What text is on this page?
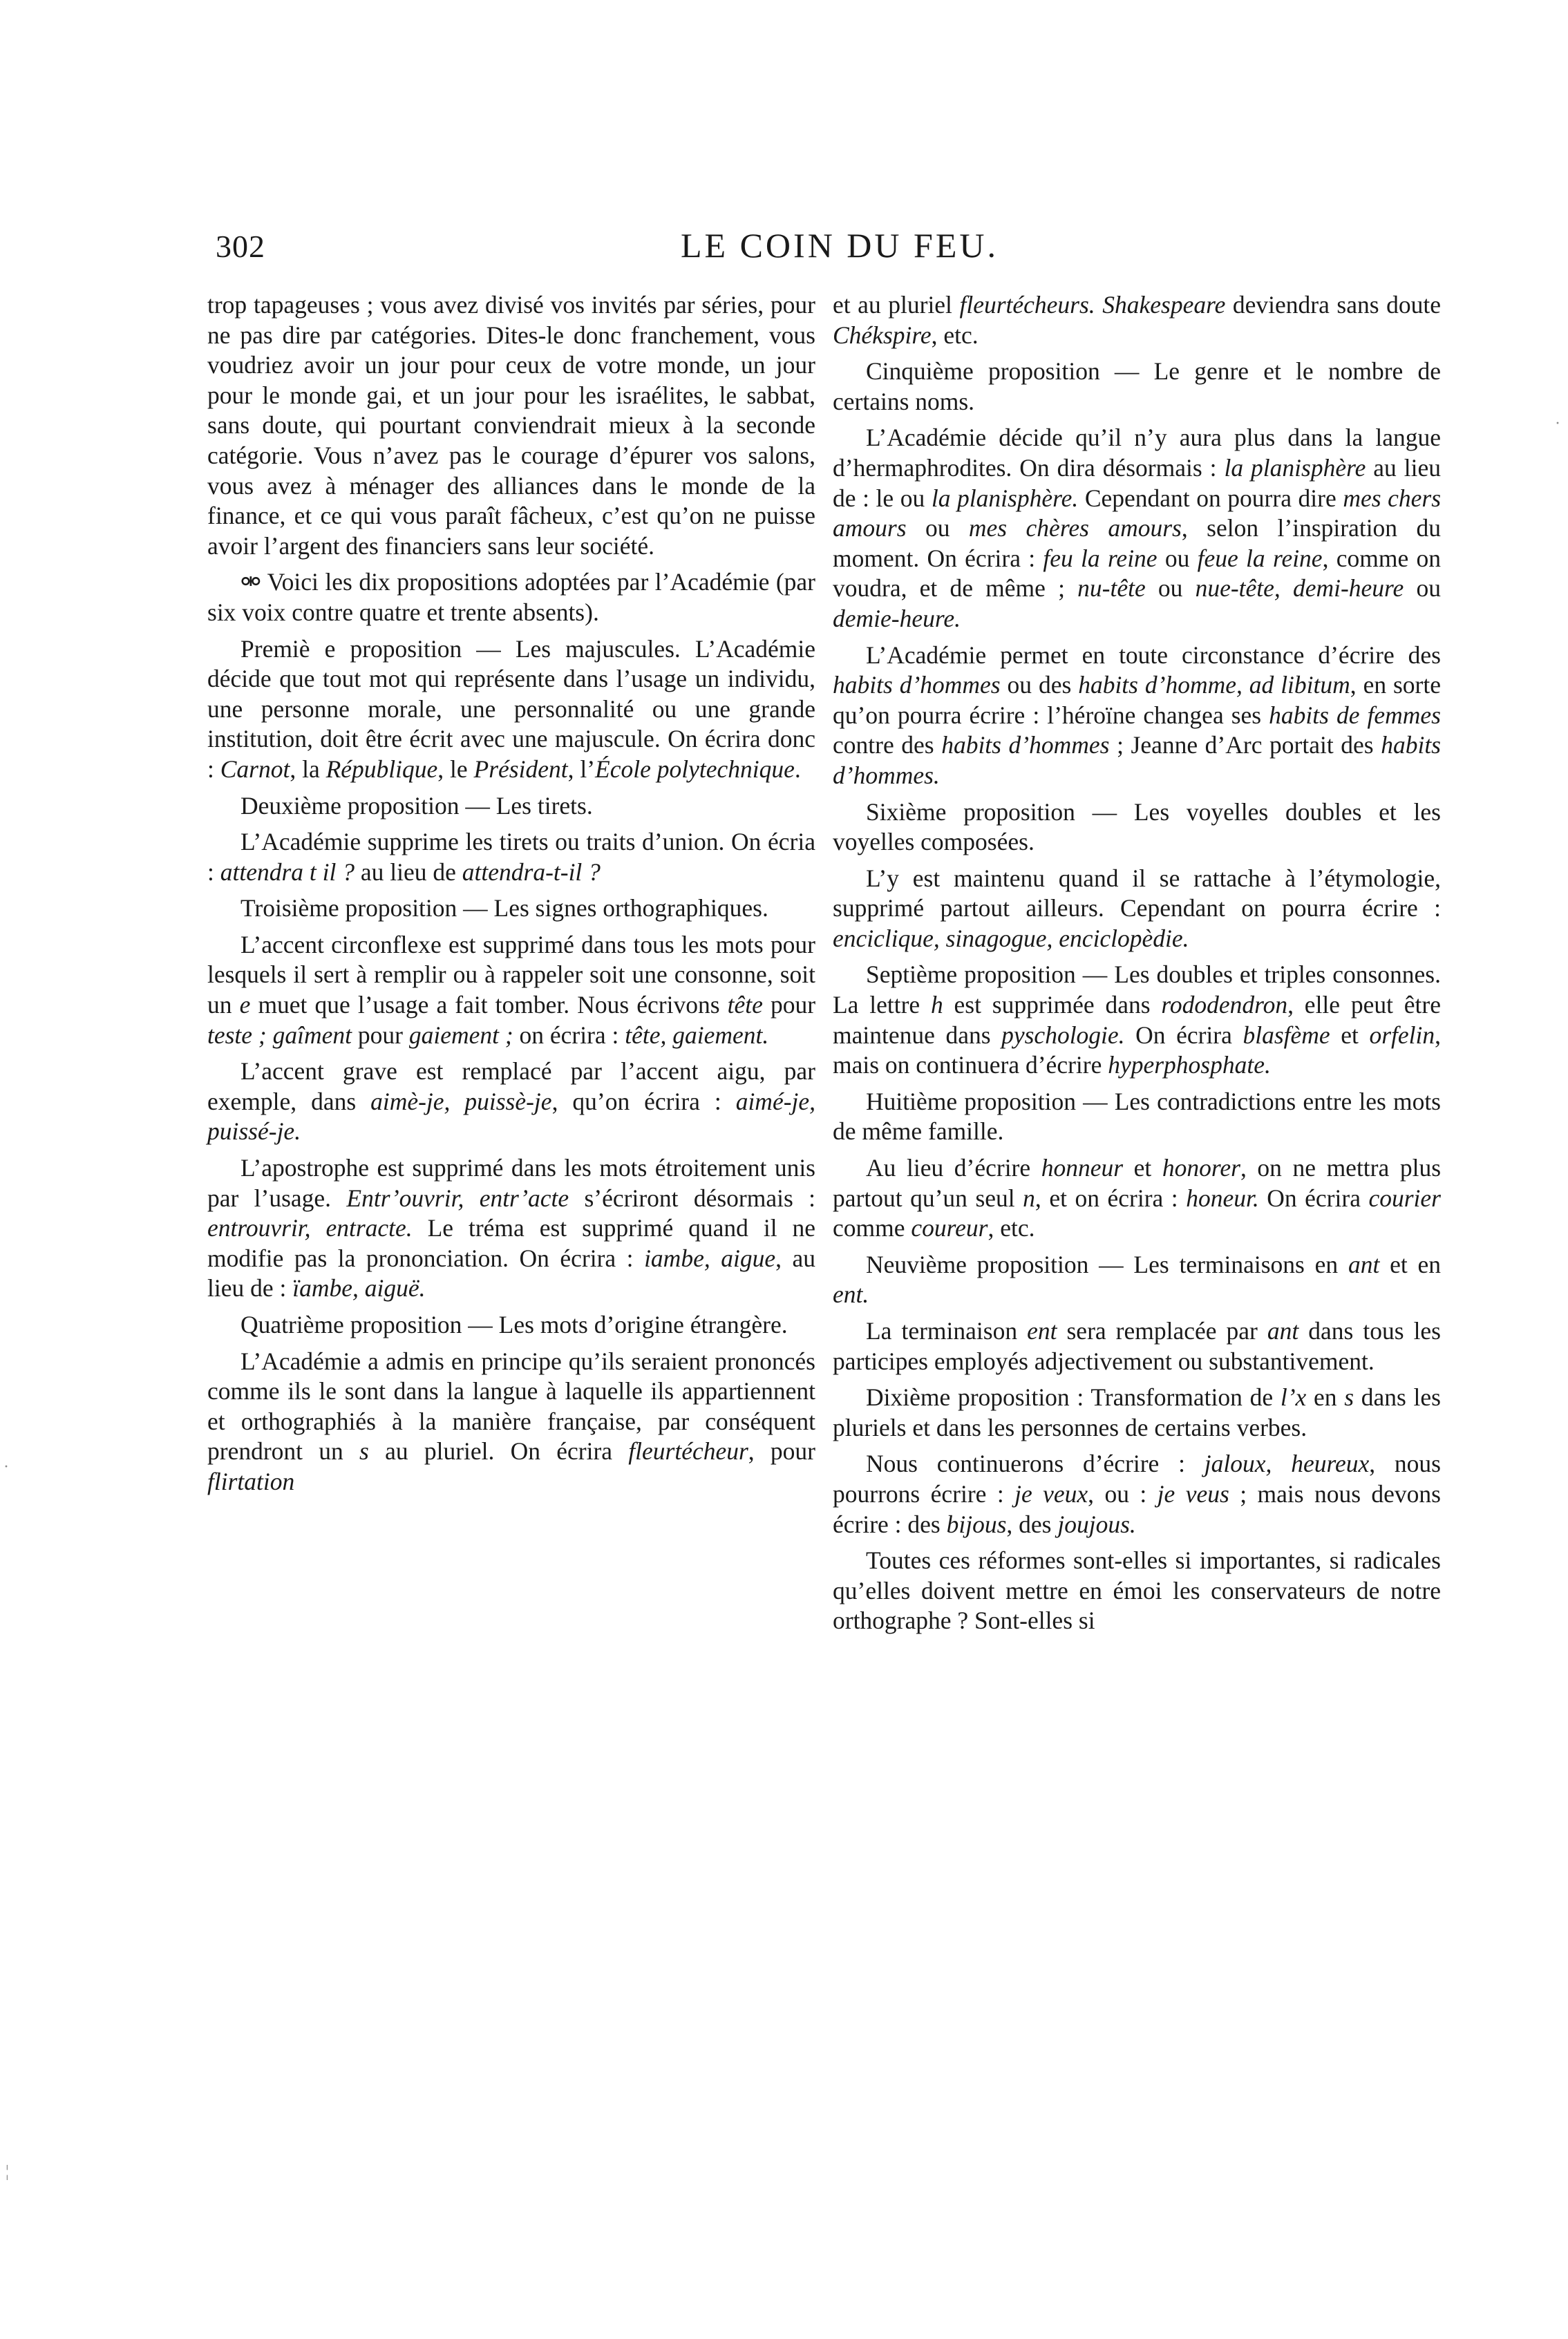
302	LE COIN DU FEU.

trop tapageuses ; vous avez divisé vos invités par séries, pour ne pas dire par catégories. Dites-le donc franchement, vous voudriez avoir un jour pour ceux de votre monde, un jour pour le monde gai, et un jour pour les israélites, le sabbat, sans doute, qui pourtant conviendrait mieux à la seconde catégorie. Vous n’avez pas le courage d’épurer vos salons, vous avez à ménager des alliances dans le monde de la finance, et ce qui vous paraît fâcheux, c’est qu’on ne puisse avoir l’argent des financiers sans leur société.

⚮ Voici les dix propositions adoptées par l’Académie (par six voix contre quatre et trente absents).

Premiè e proposition — Les majuscules. L’Académie décide que tout mot qui représente dans l’usage un individu, une personne morale, une personnalité ou une grande institution, doit être écrit avec une majuscule. On écrira donc : Carnot, la République, le Président, l’École polytechnique.

Deuxième proposition — Les tirets.

L’Académie supprime les tirets ou traits d’union. On écria : attendra t il ? au lieu de attendra-t-il ?

Troisième proposition — Les signes orthographiques.

L’accent circonflexe est supprimé dans tous les mots pour lesquels il sert à remplir ou à rappeler soit une consonne, soit un e muet que l’usage a fait tomber. Nous écrivons tête pour teste ; gaîment pour gaiement ; on écrira : tête, gaiement.

L’accent grave est remplacé par l’accent aigu, par exemple, dans aimè-je, puissè-je, qu’on écrira : aimé-je, puissé-je.

L’apostrophe est supprimé dans les mots étroitement unis par l’usage. Entr’ouvrir, entr’acte s’écriront désormais : entrouvrir, entracte. Le tréma est supprimé quand il ne modifie pas la prononciation. On écrira : iambe, aigue, au lieu de : ïambe, aiguë.

Quatrième proposition — Les mots d’origine étrangère.

L’Académie a admis en principe qu’ils seraient prononcés comme ils le sont dans la langue à laquelle ils appartiennent et orthographiés à la manière française, par conséquent prendront un s au pluriel. On écrira fleurtécheur, pour flirtation

et au pluriel fleurtécheurs. Shakespeare deviendra sans doute Chékspire, etc.

Cinquième proposition — Le genre et le nombre de certains noms.

L’Académie décide qu’il n’y aura plus dans la langue d’hermaphrodites. On dira désormais : la planisphère au lieu de : le ou la planisphère. Cependant on pourra dire mes chers amours ou mes chères amours, selon l’inspiration du moment. On écrira : feu la reine ou feue la reine, comme on voudra, et de même ; nu-tête ou nue-tête, demi-heure ou demie-heure.

L’Académie permet en toute circonstance d’écrire des habits d’hommes ou des habits d’homme, ad libitum, en sorte qu’on pourra écrire : l’héroïne changea ses habits de femmes contre des habits d’hommes ; Jeanne d’Arc portait des habits d’hommes.

Sixième proposition — Les voyelles doubles et les voyelles composées.

L’y est maintenu quand il se rattache à l’étymologie, supprimé partout ailleurs. Cependant on pourra écrire : enciclique, sinagogue, enciclopèdie.

Septième proposition — Les doubles et triples consonnes. La lettre h est supprimée dans rododendron, elle peut être maintenue dans pyschologie. On écrira blasfème et orfelin, mais on continuera d’écrire hyperphosphate.

Huitième proposition — Les contradictions entre les mots de même famille.

Au lieu d’écrire honneur et honorer, on ne mettra plus partout qu’un seul n, et on écrira : honeur. On écrira courier comme coureur, etc.

Neuvième proposition — Les terminaisons en ant et en ent.

La terminaison ent sera remplacée par ant dans tous les participes employés adjectivement ou substantivement.

Dixième proposition : Transformation de l’x en s dans les pluriels et dans les personnes de certains verbes.

Nous continuerons d’écrire : jaloux, heureux, nous pourrons écrire : je veux, ou : je veus ; mais nous devons écrire : des bijous, des joujous.

Toutes ces réformes sont-elles si importantes, si radicales qu’elles doivent mettre en émoi les conservateurs de notre orthographe ? Sont-elles si

·
·
¦
